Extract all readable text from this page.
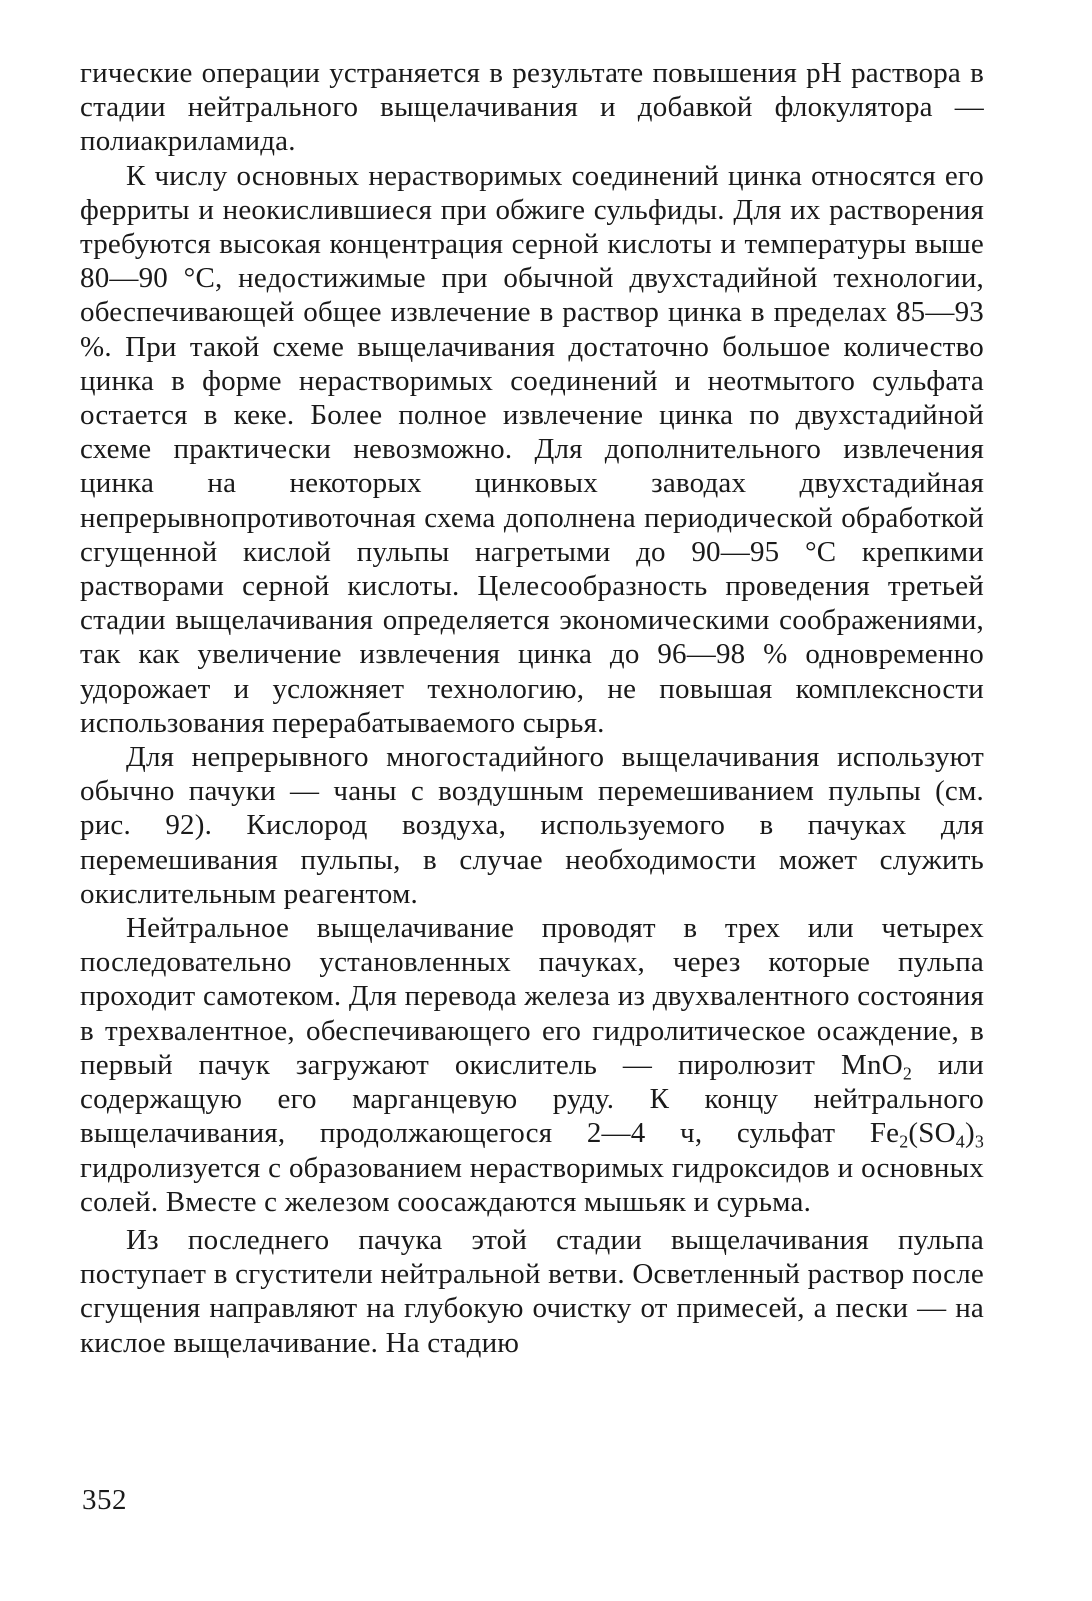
гические операции устраняется в результате повышения pH раствора в стадии нейтрального выщелачивания и добавкой флокулятора — полиакриламида.

К числу основных нерастворимых соединений цинка относятся его ферриты и неокислившиеся при обжиге сульфиды. Для их растворения требуются высокая концентрация серной кислоты и температуры выше 80—90 °С, недостижимые при обычной двухстадийной технологии, обеспечивающей общее извлечение в раствор цинка в пределах 85—93 %. При такой схеме выщелачивания достаточно большое количество цинка в форме нерастворимых соединений и неотмытого сульфата остается в кеке. Более полное извлечение цинка по двухстадийной схеме практически невозможно. Для дополнительного извлечения цинка на некоторых цинковых заводах двухстадийная непрерывнопротивоточная схема дополнена периодической обработкой сгущенной кислой пульпы нагретыми до 90—95 °С крепкими растворами серной кислоты. Целесообразность проведения третьей стадии выщелачивания определяется экономическими соображениями, так как увеличение извлечения цинка до 96—98 % одновременно удорожает и усложняет технологию, не повышая комплексности использования перерабатываемого сырья.

Для непрерывного многостадийного выщелачивания используют обычно пачуки — чаны с воздушным перемешиванием пульпы (см. рис. 92). Кислород воздуха, используемого в пачуках для перемешивания пульпы, в случае необходимости может служить окислительным реагентом.

Нейтральное выщелачивание проводят в трех или четырех последовательно установленных пачуках, через которые пульпа проходит самотеком. Для перевода железа из двухвалентного состояния в трехвалентное, обеспечивающего его гидролитическое осаждение, в первый пачук загружают окислитель — пиролюзит MnO$_2$ или содержащую его марганцевую руду. К концу нейтрального выщелачивания, продолжающегося 2—4 ч, сульфат $Fe_2(SO_4)_3$ гидролизуется с образованием нерастворимых гидроксидов и основных солей. Вместе с железом соосаждаются мышьяк и сурьма.

Из последнего пачука этой стадии выщелачивания пульпа поступает в сгустители нейтральной ветви. Осветленный раствор после сгущения направляют на глубокую очистку от примесей, а пески — на кислое выщелачивание. На стадию

352
